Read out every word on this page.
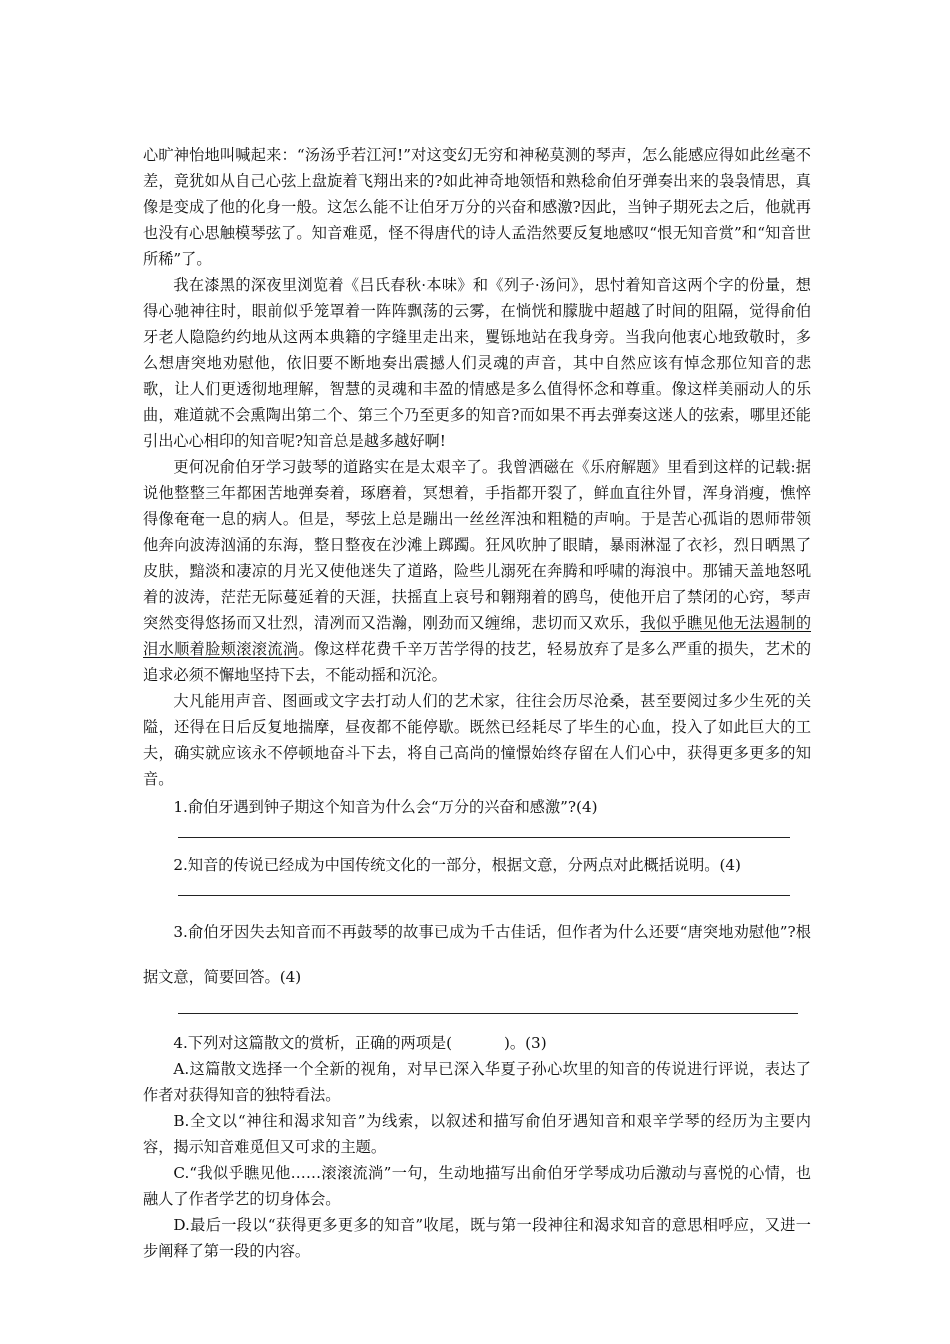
心旷神怡地叫喊起来：“汤汤乎若江河!”对这变幻无穷和神秘莫测的琴声，怎么能感应得如此丝毫不差，竟犹如从自己心弦上盘旋着飞翔出来的?如此神奇地领悟和熟稔俞伯牙弹奏出来的袅袅情思，真像是变成了他的化身一般。这怎么能不让伯牙万分的兴奋和感激?因此，当钟子期死去之后，他就再也没有心思触模琴弦了。知音难觅，怪不得唐代的诗人孟浩然要反复地感叹“恨无知音赏”和“知音世所稀”了。

我在漆黑的深夜里浏览着《吕氏春秋·本味》和《列子·汤问》，思忖着知音这两个字的份量，想得心驰神往时，眼前似乎笼罩着一阵阵飘荡的云雾，在惝恍和朦胧中超越了时间的阻隔，觉得俞伯牙老人隐隐约约地从这两本典籍的字缝里走出来，矍铄地站在我身旁。当我向他衷心地致敬时，多么想唐突地劝慰他，依旧要不断地奏出震撼人们灵魂的声音，其中自然应该有悼念那位知音的悲歌，让人们更透彻地理解，智慧的灵魂和丰盈的情感是多么值得怀念和尊重。像这样美丽动人的乐曲，难道就不会熏陶出第二个、第三个乃至更多的知音?而如果不再去弹奏这迷人的弦索，哪里还能引出心心相印的知音呢?知音总是越多越好啊!

更何况俞伯牙学习鼓琴的道路实在是太艰辛了。我曾洒磁在《乐府解题》里看到这样的记载:据说他整整三年都困苦地弹奏着，琢磨着，冥想着，手指都开裂了，鲜血直往外冒，浑身消瘦，憔悴得像奄奄一息的病人。但是，琴弦上总是蹦出一丝丝浑浊和粗糙的声响。于是苦心孤诣的恩师带领他奔向波涛汹涌的东海，整日整夜在沙滩上踯躅。狂风吹肿了眼睛，暴雨淋湿了衣衫，烈日晒黑了皮肤，黯淡和凄凉的月光又使他迷失了道路，险些儿溺死在奔腾和呼啸的海浪中。那铺天盖地怒吼着的波涛，茫茫无际蔓延着的天涯，扶摇直上哀号和翱翔着的鸥鸟，使他开启了禁闭的心窍，琴声突然变得悠扬而又壮烈，清冽而又浩瀚，刚劲而又缠绵，悲切而又欢乐，我似乎瞧见他无法遏制的泪水顺着脸颊滚滚流淌。像这样花费千辛万苦学得的技艺，轻易放弃了是多么严重的损失，艺术的追求必须不懈地坚持下去，不能动摇和沉沦。

大凡能用声音、图画或文字去打动人们的艺术家，往往会历尽沧桑，甚至要阅过多少生死的关隘，还得在日后反复地揣摩，昼夜都不能停歇。既然已经耗尽了毕生的心血，投入了如此巨大的工夫，确实就应该永不停顿地奋斗下去，将自己高尚的憧憬始终存留在人们心中，获得更多更多的知音。

1.俞伯牙遇到钟子期这个知音为什么会“万分的兴奋和感激”?(4)

2.知音的传说已经成为中国传统文化的一部分，根据文意，分两点对此概括说明。(4)

3.俞伯牙因失去知音而不再鼓琴的故事已成为千古佳话，但作者为什么还要“唐突地劝慰他”?根据文意，简要回答。(4)

4.下列对这篇散文的赏析，正确的两项是(	)。(3)

A.这篇散文选择一个全新的视角，对早已深入华夏子孙心坎里的知音的传说进行评说，表达了作者对获得知音的独特看法。

B.全文以“神往和渴求知音”为线索，以叙述和描写俞伯牙遇知音和艰辛学琴的经历为主要内容，揭示知音难觅但又可求的主题。

C.“我似乎瞧见他……滚滚流淌”一句，生动地描写出俞伯牙学琴成功后激动与喜悦的心情，也融人了作者学艺的切身体会。

D.最后一段以“获得更多更多的知音”收尾，既与第一段神往和渴求知音的意思相呼应，又进一步阐释了第一段的内容。
